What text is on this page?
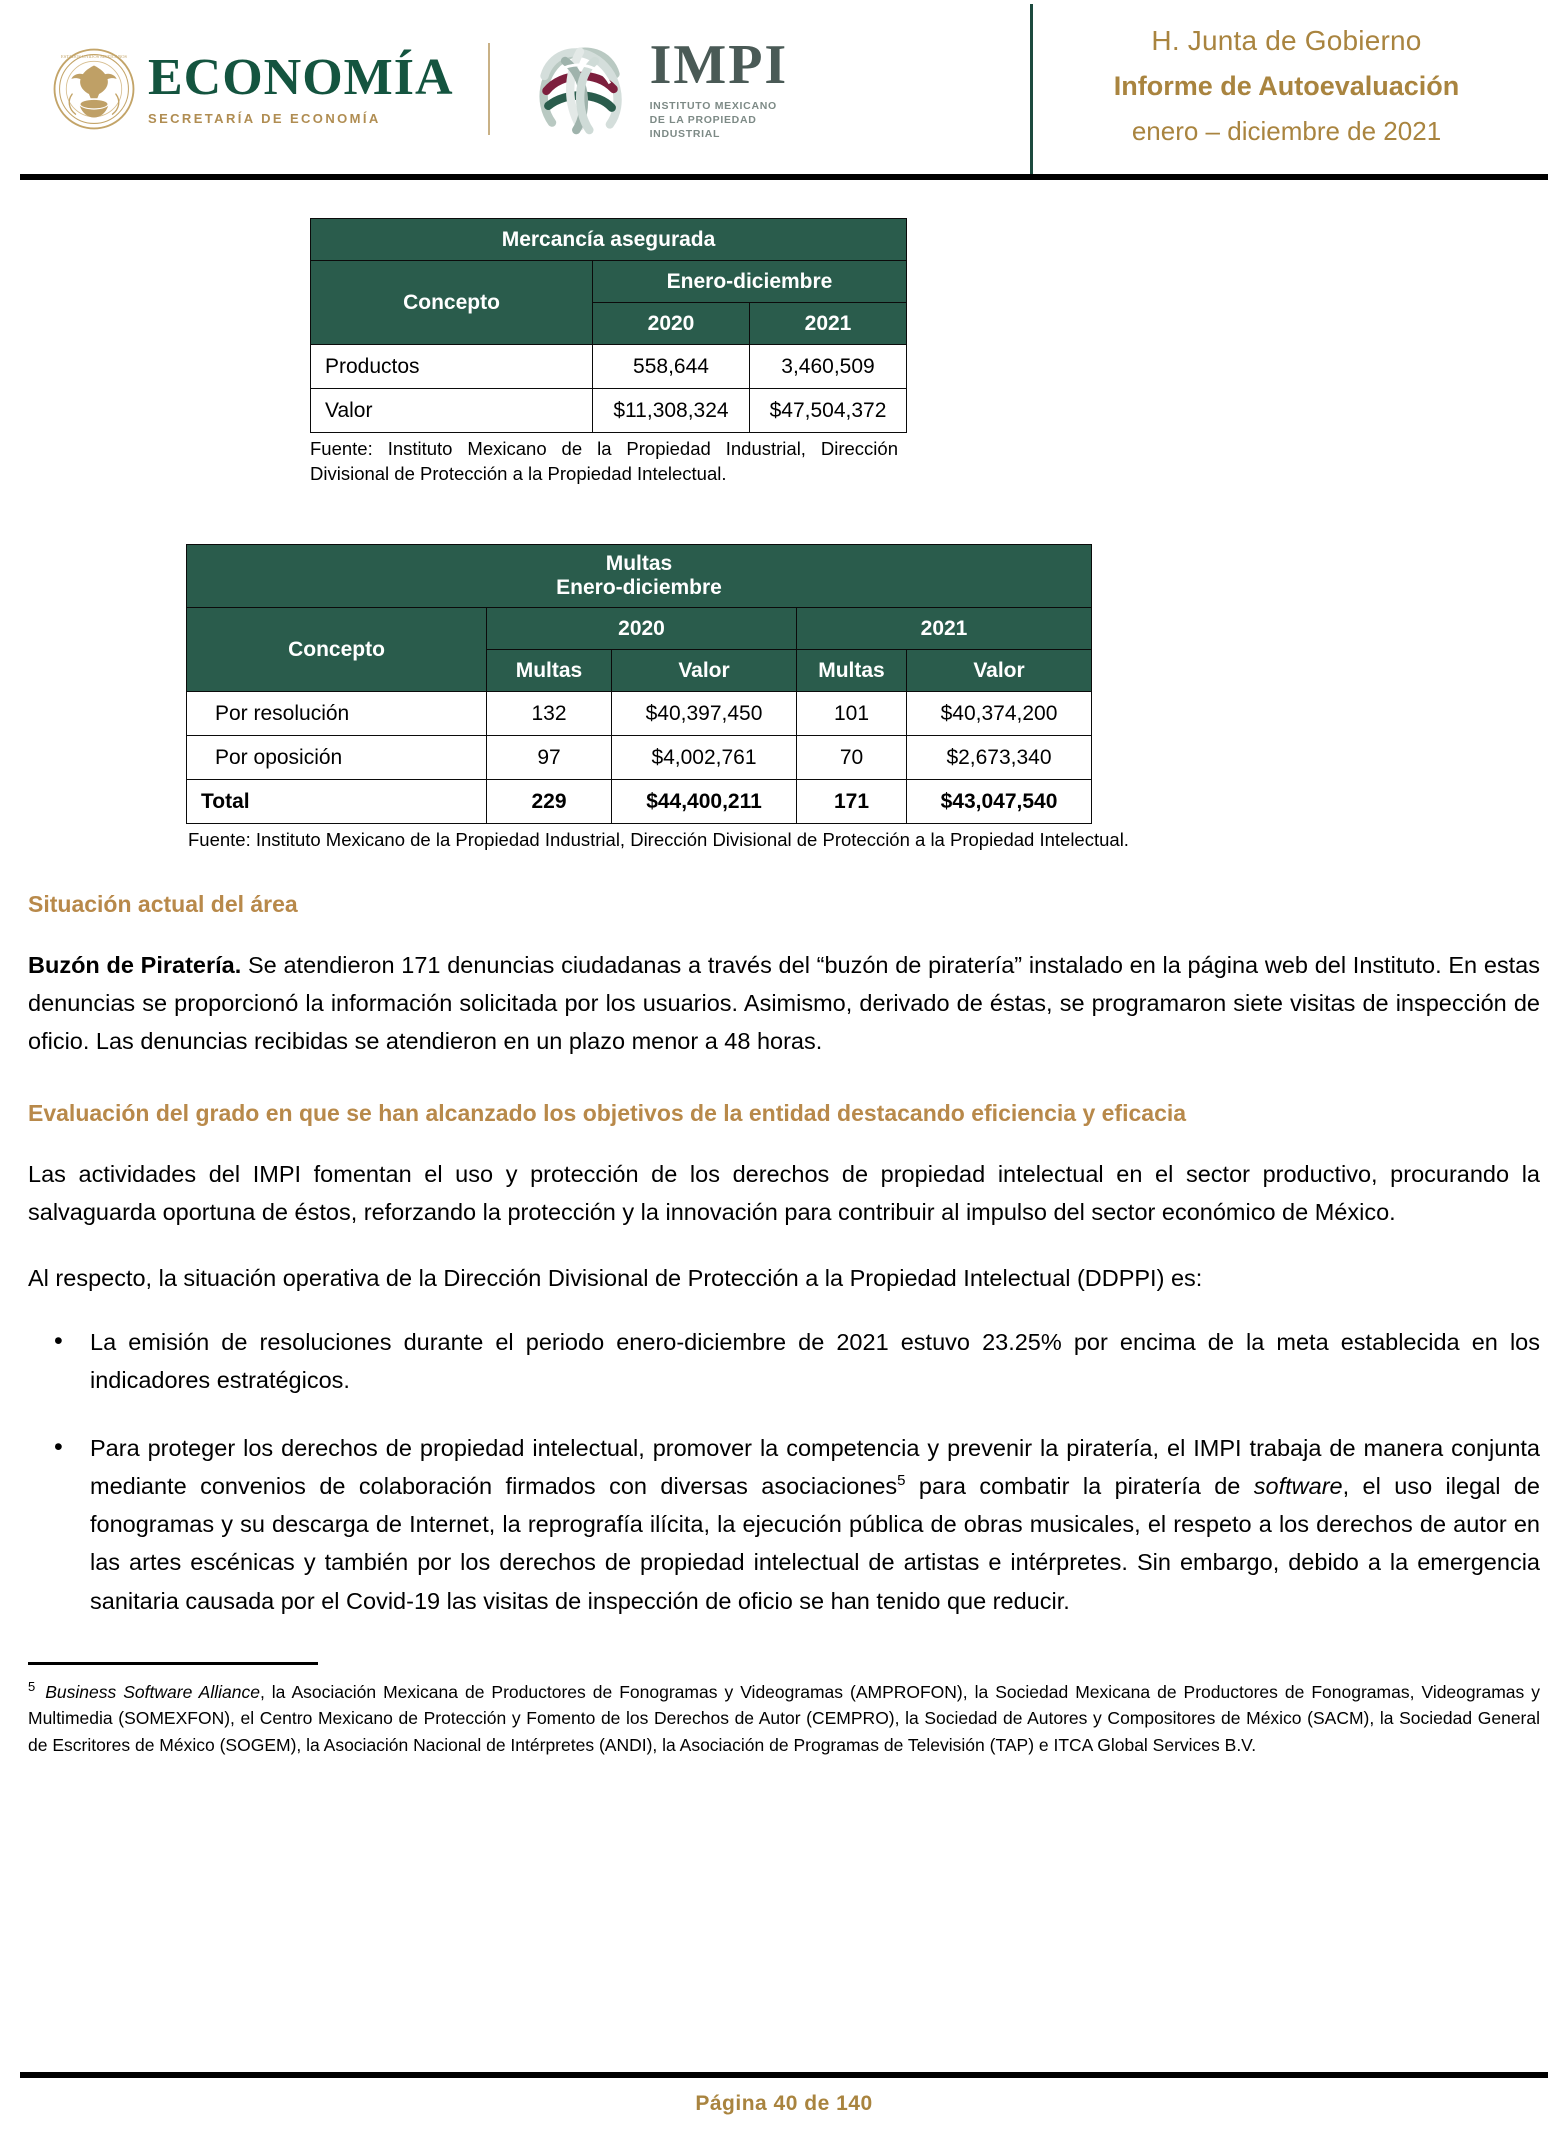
ESTADOS UNIDOS MEXICANOS ECONOMÍA
SECRETARÍA DE ECONOMÍA
IMPI
INSTITUTO MEXICANO
DE LA PROPIEDAD
INDUSTRIAL
H. Junta de Gobierno
Informe de Autoevaluación
enero – diciembre de 2021
Mercancía asegurada		
Concepto	Enero-diciembre	
	2020	2021
Productos	558,644	3,460,509
Valor	$11,308,324	$47,504,372
Fuente: Instituto Mexicano de la Propiedad Industrial, Dirección Divisional de Protección a la Propiedad Intelectual.
Multas
Enero-diciembre				

Concepto	2020		2021	
	Multas	Valor	Multas	Valor
Por resolución	132	$40,397,450	101	$40,374,200
Por oposición	97	$4,002,761	70	$2,673,340
Total	229	$44,400,211	171	$43,047,540
Fuente: Instituto Mexicano de la Propiedad Industrial, Dirección Divisional de Protección a la Propiedad Intelectual.
Situación actual del área

Buzón de Piratería. Se atendieron 171 denuncias ciudadanas a través del “buzón de piratería” instalado en la página web del Instituto. En estas denuncias se proporcionó la información solicitada por los usuarios. Asimismo, derivado de éstas, se programaron siete visitas de inspección de oficio. Las denuncias recibidas se atendieron en un plazo menor a 48 horas.

Evaluación del grado en que se han alcanzado los objetivos de la entidad destacando eficiencia y eficacia

Las actividades del IMPI fomentan el uso y protección de los derechos de propiedad intelectual en el sector productivo, procurando la salvaguarda oportuna de éstos, reforzando la protección y la innovación para contribuir al impulso del sector económico de México.

Al respecto, la situación operativa de la Dirección Divisional de Protección a la Propiedad Intelectual (DDPPI) es:

• La emisión de resoluciones durante el periodo enero-diciembre de 2021 estuvo 23.25% por encima de la meta establecida en los indicadores estratégicos.
• Para proteger los derechos de propiedad intelectual, promover la competencia y prevenir la piratería, el IMPI trabaja de manera conjunta mediante convenios de colaboración firmados con diversas asociaciones$^5$ para combatir la piratería de software, el uso ilegal de fonogramas y su descarga de Internet, la reprografía ilícita, la ejecución pública de obras musicales, el respeto a los derechos de autor en las artes escénicas y también por los derechos de propiedad intelectual de artistas e intérpretes. Sin embargo, debido a la emergencia sanitaria causada por el Covid-19 las visitas de inspección de oficio se han tenido que reducir.
$^5$ Business Software Alliance, la Asociación Mexicana de Productores de Fonogramas y Videogramas (AMPROFON), la Sociedad Mexicana de Productores de Fonogramas, Videogramas y Multimedia (SOMEXFON), el Centro Mexicano de Protección y Fomento de los Derechos de Autor (CEMPRO), la Sociedad de Autores y Compositores de México (SACM), la Sociedad General de Escritores de México (SOGEM), la Asociación Nacional de Intérpretes (ANDI), la Asociación de Programas de Televisión (TAP) e ITCA Global Services B.V.
Página 40 de 140
